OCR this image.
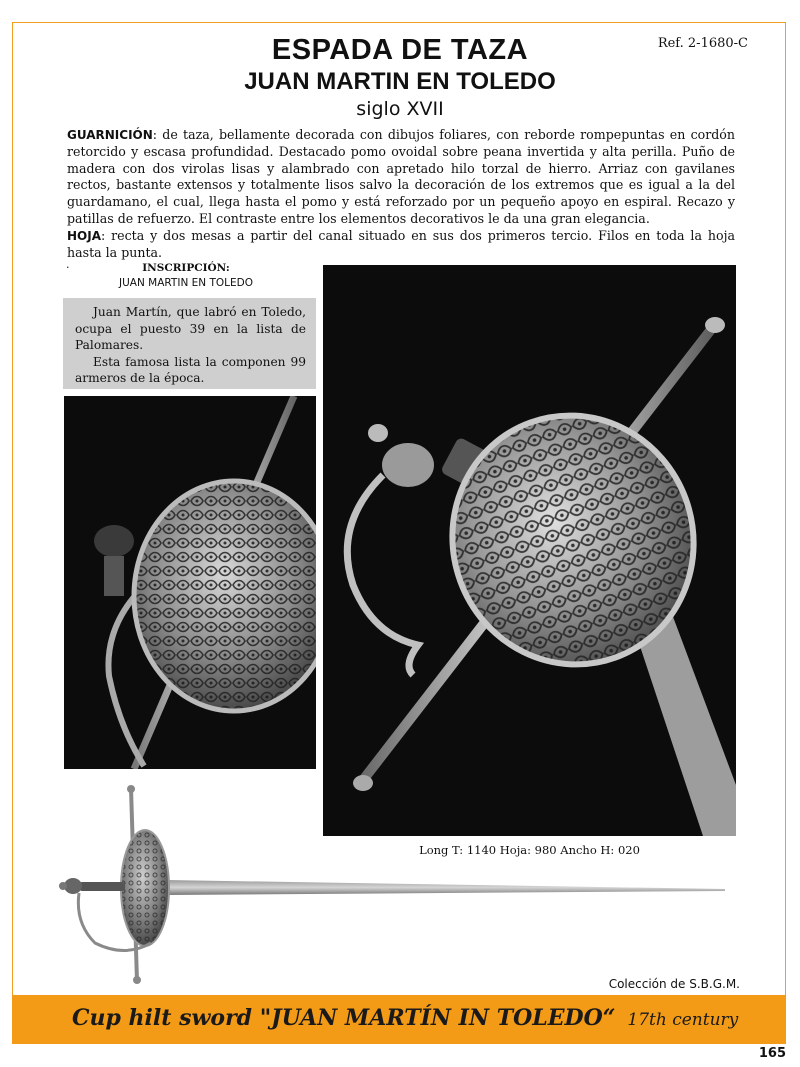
ESPADA DE TAZA
JUAN MARTIN EN TOLEDO
siglo XVII
Ref. 2-1680-C
GUARNICIÓN: de taza, bellamente decorada con dibujos foliares, con reborde rompepuntas en cordón retorcido y escasa profundidad. Destacado pomo ovoidal sobre peana invertida y alta perilla. Puño de madera con dos virolas lisas y alambrado con apretado hilo torzal de hierro. Arriaz con gavilanes rectos, bastante extensos y totalmente lisos salvo la decoración de los extremos que es igual a la del guardamano, el cual, llega hasta el pomo y está reforzado por un pequeño apoyo en espiral. Recazo y patillas de refuerzo. El contraste entre los elementos decorativos le da una gran elegancia.
HOJA: recta y dos mesas a partir del canal situado en sus dos primeros tercio. Filos en toda la hoja hasta la punta.
.	INSCRIPCIÓN:
JUAN MARTIN EN TOLEDO

Juan Martín, que labró en Toledo, ocupa el puesto 39 en la lista de Palomares.

Esta famosa lista la componen 99 armeros de la época.

Long T: 1140 Hoja: 980 Ancho H: 020
Colección de S.B.G.M.
Cup hilt sword "JUAN MARTÍN IN TOLEDO“ 17th century
165
